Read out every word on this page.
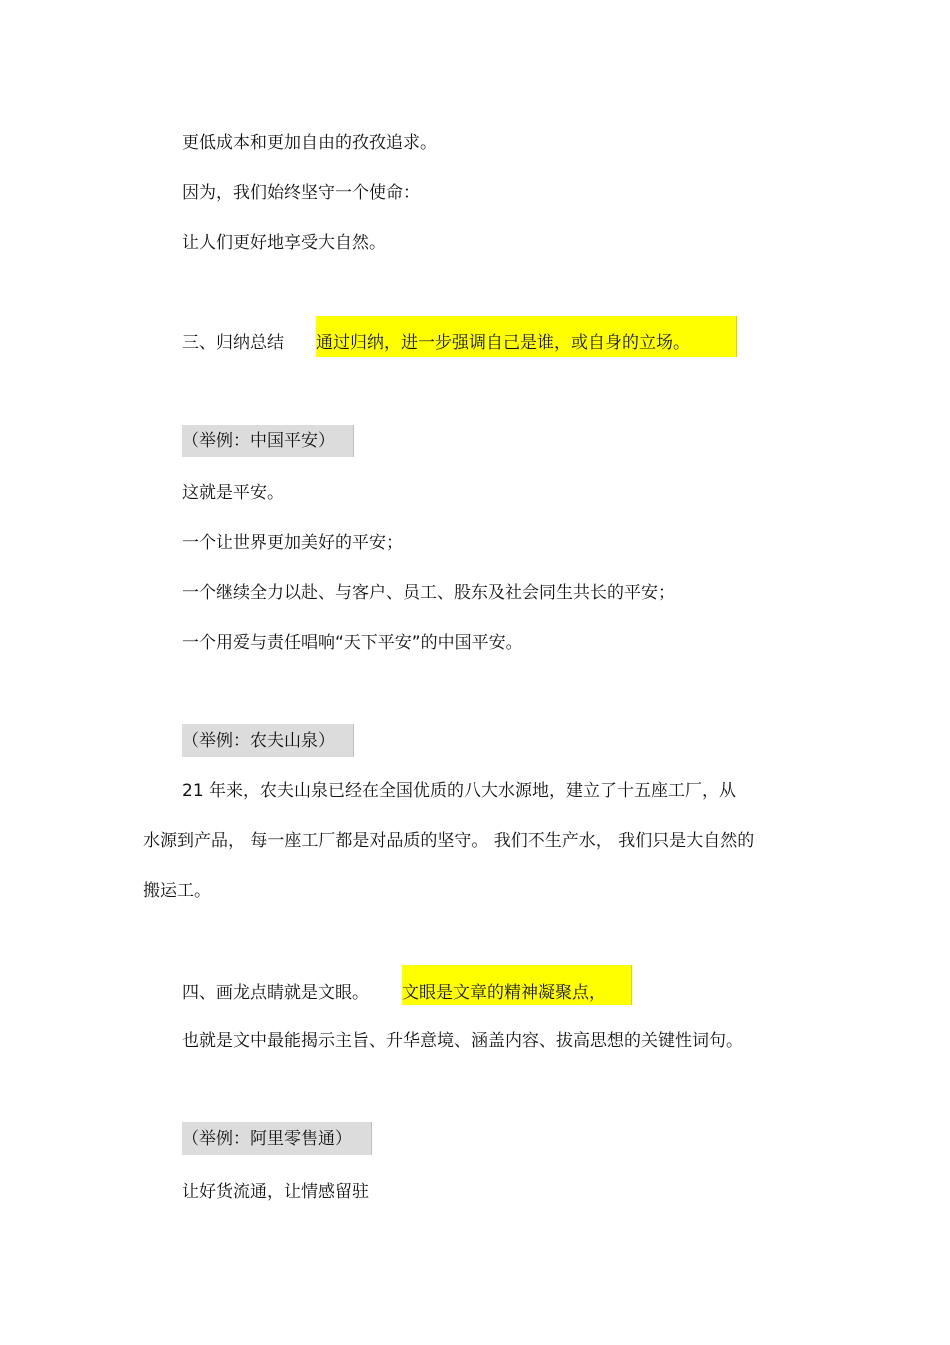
更低成本和更加自由的孜孜追求。
因为，我们始终坚守一个使命：
让人们更好地享受大自然。
三、归纳总结 通过归纳，进一步强调自己是谁，或自身的立场。
（举例：中国平安）
这就是平安。
一个让世界更加美好的平安；
一个继续全力以赴、与客户、员工、股东及社会同生共长的平安；
一个用爱与责任唱响“天下平安”的中国平安。
（举例：农夫山泉）
21 年来，农夫山泉已经在全国优质的八大水源地，建立了十五座工厂，从
水源到产品， 每一座工厂都是对品质的坚守。 我们不生产水， 我们只是大自然的
搬运工。
四、画龙点睛就是文眼。 文眼是文章的精神凝聚点，
也就是文中最能揭示主旨、升华意境、涵盖内容、拔高思想的关键性词句。
（举例：阿里零售通）
让好货流通，让情感留驻
